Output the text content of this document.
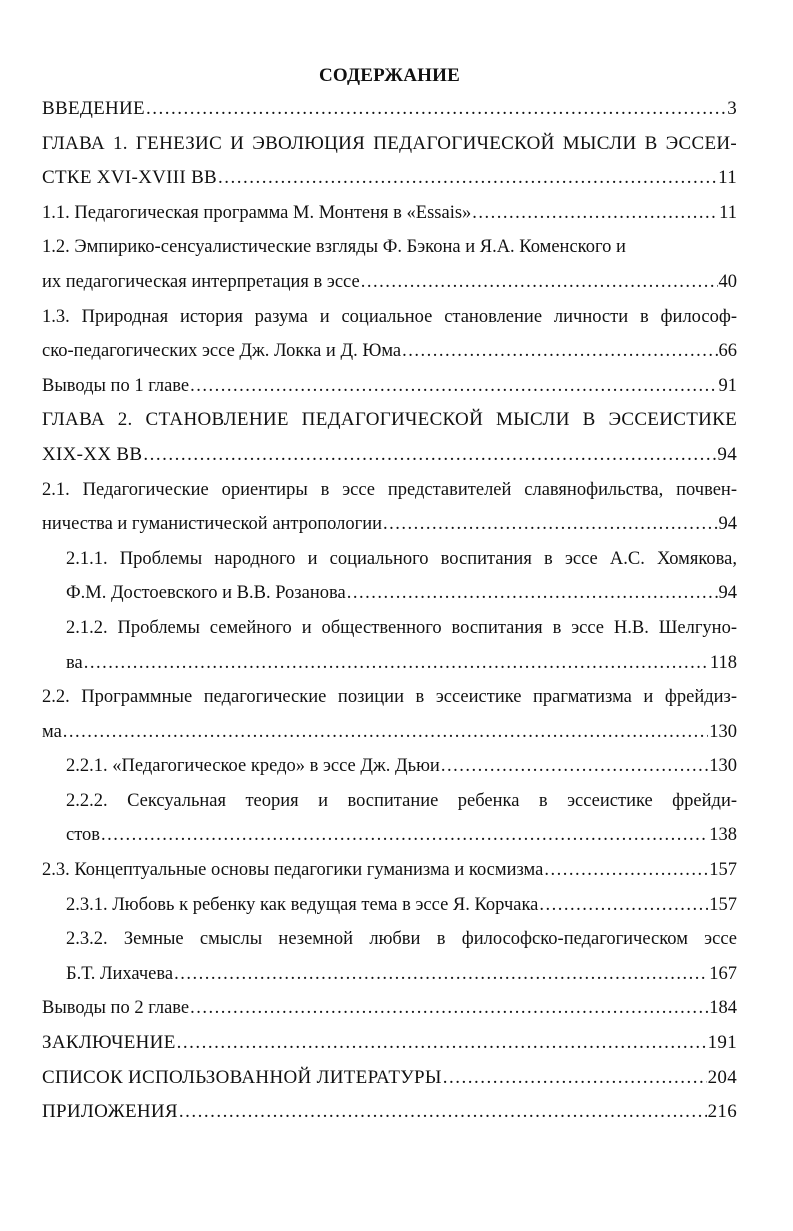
СОДЕРЖАНИЕ
ВВЕДЕНИЕ .....	3
ГЛАВА 1. ГЕНЕЗИС И ЭВОЛЮЦИЯ ПЕДАГОГИЧЕСКОЙ МЫСЛИ В ЭССЕИ-
СТКЕ XVI-XVIII ВВ .....	11
1.1. Педагогическая программа М. Монтеня в «Essais» .....	11
1.2. Эмпирико-сенсуалистические взгляды Ф. Бэкона и Я.А. Коменского и
их педагогическая интерпретация в эссе .....	40
1.3. Природная история разума и социальное становление личности в философ-
ско-педагогических эссе Дж. Локка и Д. Юма .....	66
Выводы по 1 главе .....	91
ГЛАВА 2. СТАНОВЛЕНИЕ ПЕДАГОГИЧЕСКОЙ МЫСЛИ В ЭССЕИСТИКЕ
XIX-XX ВВ .....	94
2.1. Педагогические ориентиры в эссе представителей славянофильства, почвен-
ничества и гуманистической антропологии .....	94
2.1.1. Проблемы народного и социального воспитания в эссе А.С. Хомякова,
Ф.М. Достоевского и В.В. Розанова .....	94
2.1.2. Проблемы семейного и общественного воспитания в эссе Н.В. Шелгуно-
ва .....	118
2.2. Программные педагогические позиции в эссеистике прагматизма и фрейдиз-
ма .....	130
2.2.1. «Педагогическое кредо» в эссе Дж. Дьюи .....	130
2.2.2. Сексуальная теория и воспитание ребенка в эссеистике фрейди-
стов .....	138
2.3. Концептуальные основы педагогики гуманизма и космизма .....	157
2.3.1. Любовь к ребенку как ведущая тема в эссе Я. Корчака .....	157
2.3.2. Земные смыслы неземной любви в философско-педагогическом эссе
Б.Т. Лихачева .....	167
Выводы по 2 главе .....	184
ЗАКЛЮЧЕНИЕ .....	191
СПИСОК ИСПОЛЬЗОВАННОЙ ЛИТЕРАТУРЫ .....	204
ПРИЛОЖЕНИЯ .....	216
